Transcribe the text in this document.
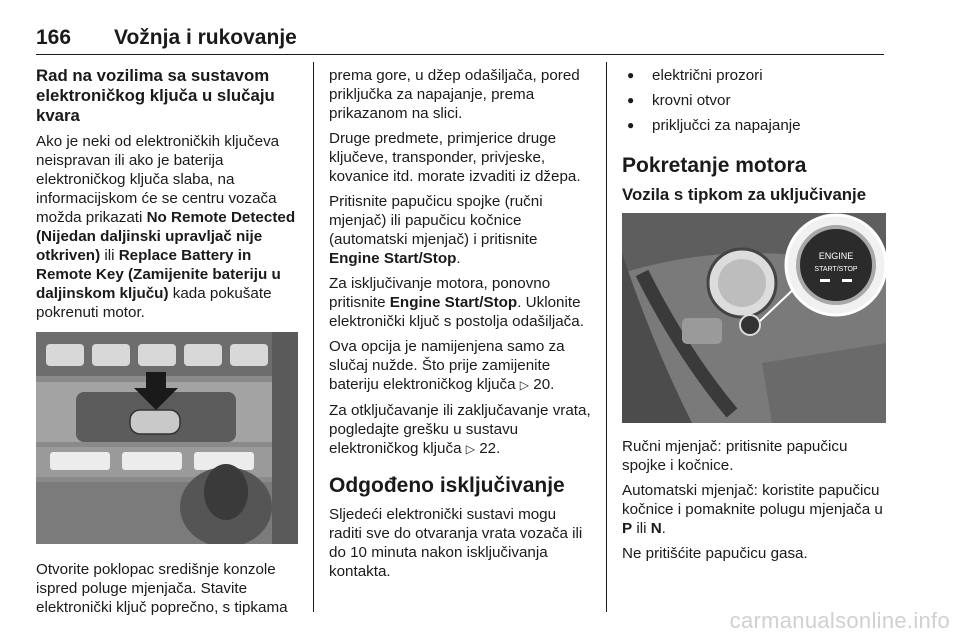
166 Vožnja i rukovanje
Rad na vozilima sa sustavom elektroničkog ključa u slučaju kvara

Ako je neki od elektroničkih ključeva neispravan ili ako je baterija elektroničkog ključa slaba, na informacijskom će se centru vozača možda prikazati No Remote Detected (Nijedan daljinski upravljač nije otkriven) ili Replace Battery in Remote Key (Zamijenite bateriju u daljinskom ključu) kada pokušate pokrenuti motor.

Otvorite poklopac središnje konzole ispred poluge mjenjača. Stavite elektronički ključ poprečno, s tipkama

prema gore, u džep odašiljača, pored priključka za napajanje, prema prikazanom na slici.

Druge predmete, primjerice druge ključeve, transponder, privjeske, kovanice itd. morate izvaditi iz džepa.

Pritisnite papučicu spojke (ručni mjenjač) ili papučicu kočnice (automatski mjenjač) i pritisnite Engine Start/Stop.

Za isključivanje motora, ponovno pritisnite Engine Start/Stop. Uklonite elektronički ključ s postolja odašiljača.

Ova opcija je namijenjena samo za slučaj nužde. Što prije zamijenite bateriju elektroničkog ključa ▷ 20.

Za otključavanje ili zaključavanje vrata, pogledajte grešku u sustavu elektroničkog ključa ▷ 22.

Odgođeno isključivanje

Sljedeći elektronički sustavi mogu raditi sve do otvaranja vrata vozača ili do 10 minuta nakon isključivanja kontakta.

● električni prozori
● krovni otvor
● priključci za napajanje
Pokretanje motora
Vozila s tipkom za uključivanje
ENGINE
START/STOP

Ručni mjenjač: pritisnite papučicu spojke i kočnice.

Automatski mjenjač: koristite papučicu kočnice i pomaknite polugu mjenjača u P ili N.

Ne pritišćite papučicu gasa.

carmanualsonline.info
